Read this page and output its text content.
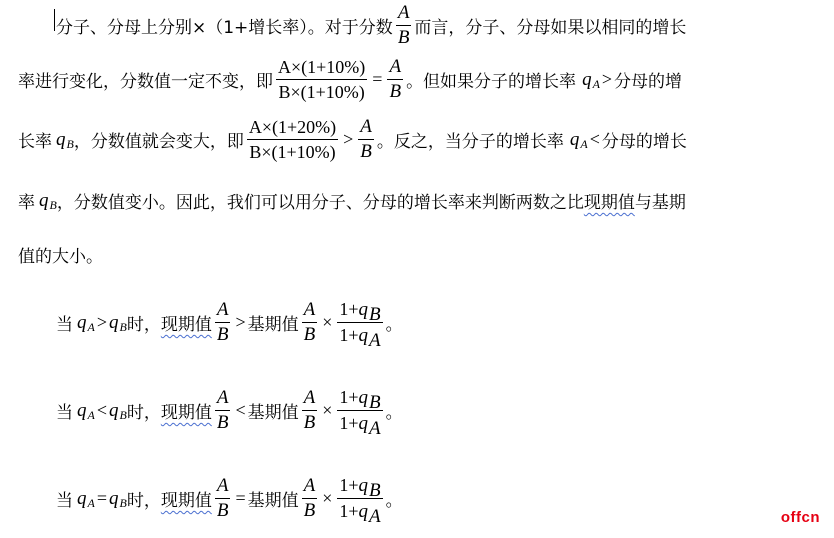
分子、分母上分别×（1+增长率）。对于分数 $\frac{A}{B}$ 而言，分子、分母如果以相同的增长
率进行变化，分数值一定不变，即 $\frac{A\times(1+10\%)}{B\times(1+10\%)} = \frac{A}{B}$ 。但如果分子的增长率 q A > 分母的增
长率 q B ，分数值就会变大，即 $\frac{A\times(1+20\%)}{B\times(1+10\%)} > \frac{A}{B}$ 。反之，当分子的增长率 q A < 分母的增长
率 q B ，分数值变小。因此，我们可以用分子、分母的增长率来判断两数之比 现期值 与基期
值的大小。
当 q A > q B 时， 现期值 $\frac{A}{B}$ > 基期值 $\frac{A}{B} \times \frac{1+qB}{1+qA}$ 。
当 q A < q B 时， 现期值 $\frac{A}{B}$ < 基期值 $\frac{A}{B} \times \frac{1+qB}{1+qA}$ 。
当 q A = q B 时， 现期值 $\frac{A}{B}$ = 基期值 $\frac{A}{B} \times \frac{1+qB}{1+qA}$ 。
offcn
